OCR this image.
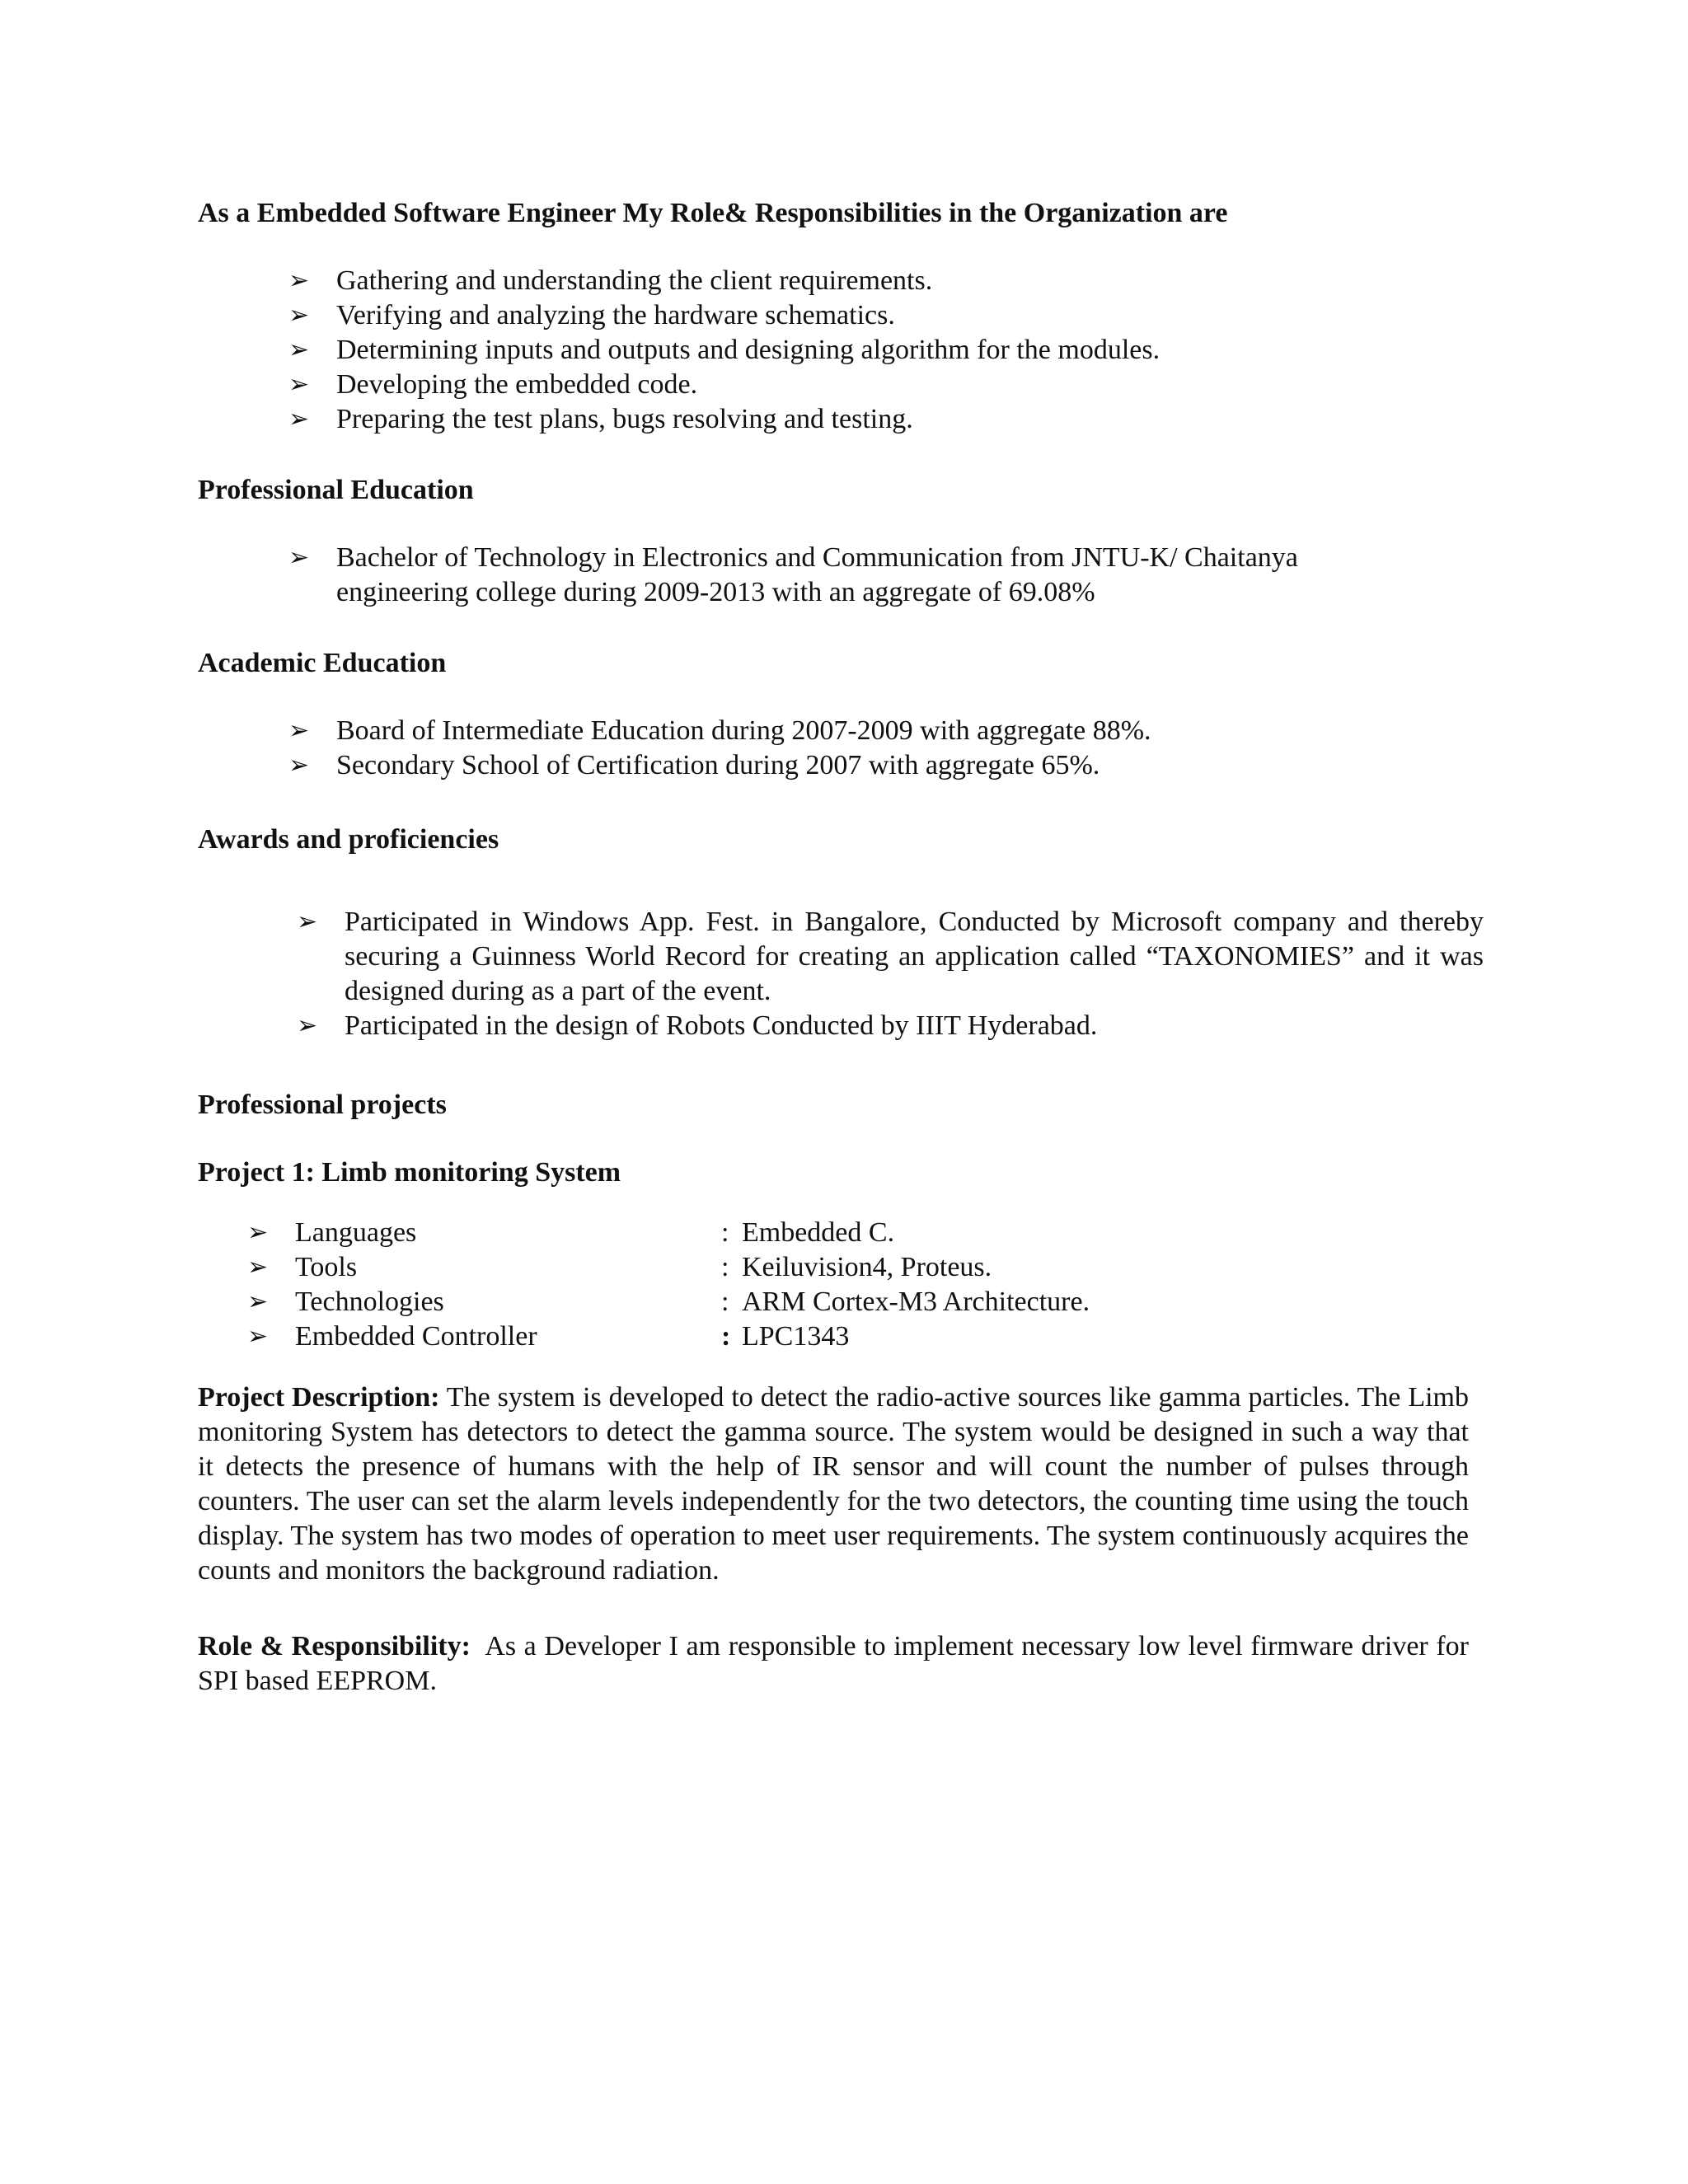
As a Embedded Software Engineer My Role& Responsibilities in the Organization are
➢ Gathering and understanding the client requirements.
➢ Verifying and analyzing the hardware schematics.
➢ Determining inputs and outputs and designing algorithm for the modules.
➢ Developing the embedded code.
➢ Preparing the test plans, bugs resolving and testing.
Professional Education
➢ Bachelor of Technology in Electronics and Communication from JNTU-K/ Chaitanya engineering college during 2009-2013 with an aggregate of 69.08%
Academic Education
➢ Board of Intermediate Education during 2007-2009 with aggregate 88%.
➢ Secondary School of Certification during 2007 with aggregate 65%.
Awards and proficiencies
➢ Participated in Windows App. Fest. in Bangalore, Conducted by Microsoft company and thereby securing a Guinness World Record for creating an application called “TAXONOMIES” and it was designed during as a part of the event.
➢ Participated in the design of Robots Conducted by IIIT Hyderabad.
Professional projects
Project 1: Limb monitoring System
➢ Languages	: Embedded C.
➢ Tools	: Keiluvision4, Proteus.
➢ Technologies	: ARM Cortex-M3 Architecture.
➢ Embedded Controller	: LPC1343

Project Description: The system is developed to detect the radio-active sources like gamma particles. The Limb monitoring System has detectors to detect the gamma source. The system would be designed in such a way that it detects the presence of humans with the help of IR sensor and will count the number of pulses through counters. The user can set the alarm levels independently for the two detectors, the counting time using the touch display. The system has two modes of operation to meet user requirements. The system continuously acquires the counts and monitors the background radiation.

Role & Responsibility: As a Developer I am responsible to implement necessary low level firmware driver for SPI based EEPROM.
